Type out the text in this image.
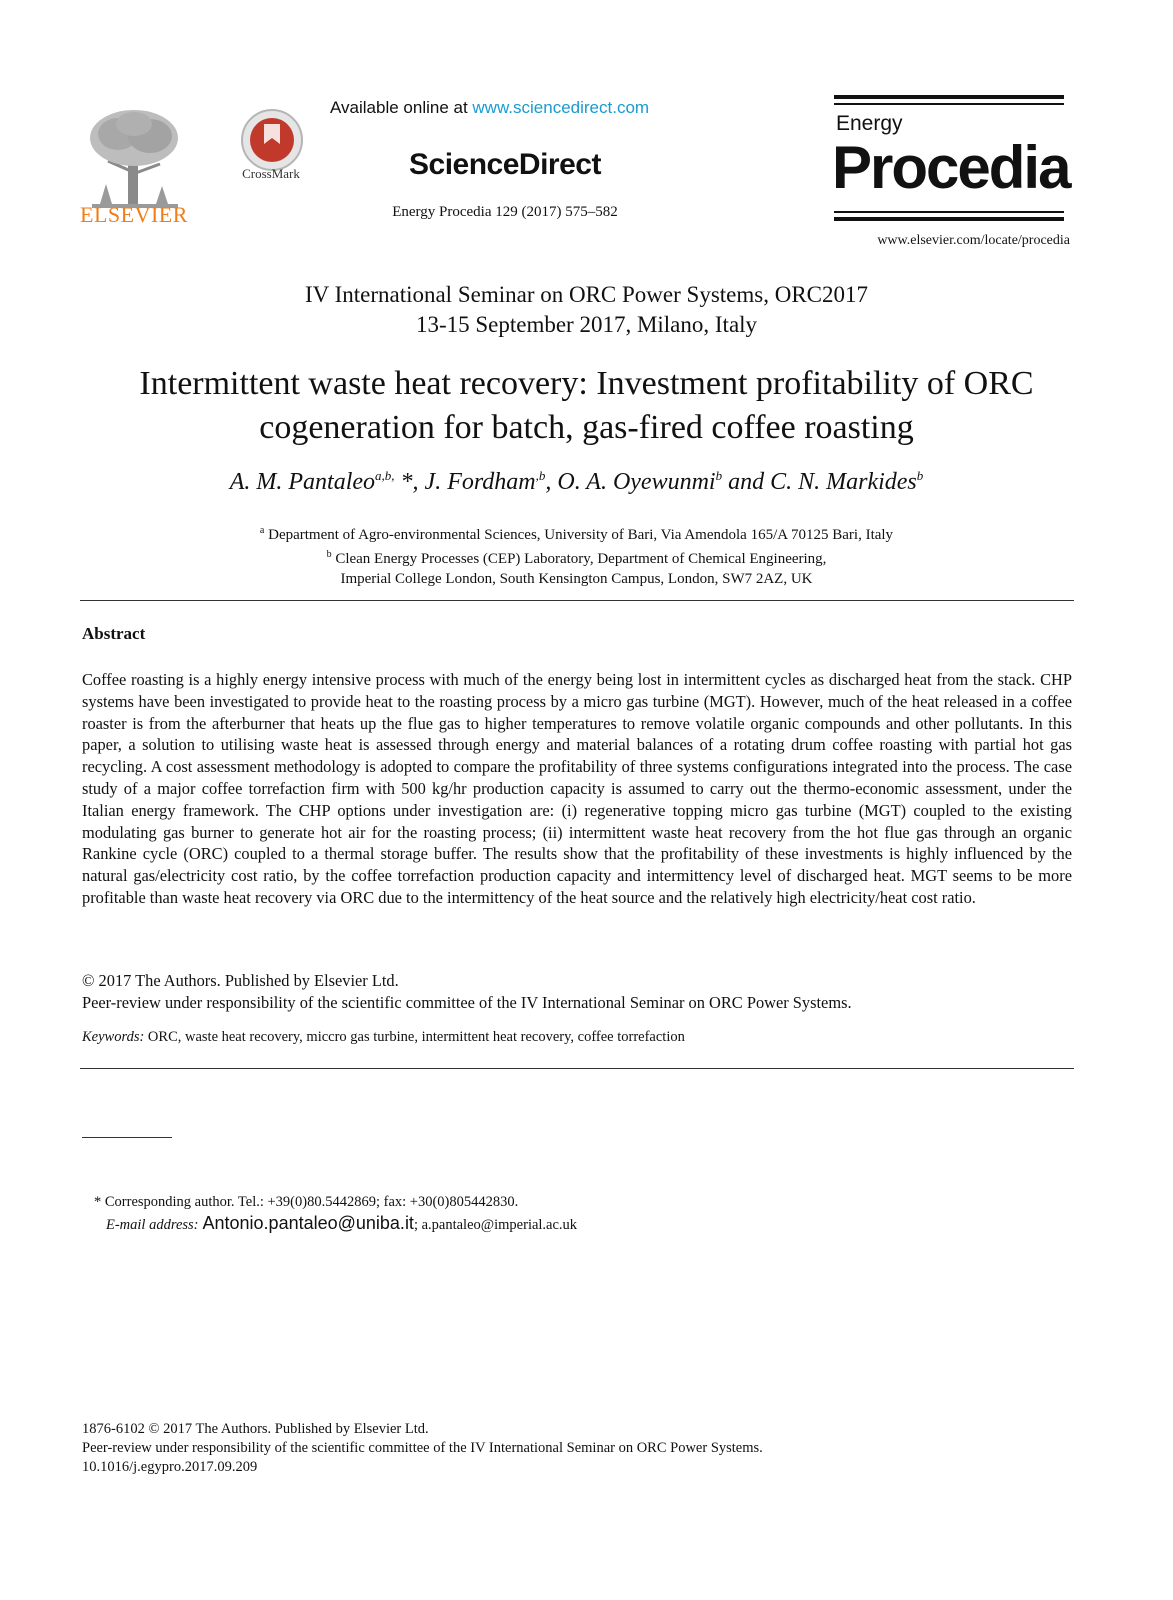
ELSEVIER
CrossMark
Available online at www.sciencedirect.com
ScienceDirect
Energy Procedia 129 (2017) 575–582
Energy
Procedia
www.elsevier.com/locate/procedia
IV International Seminar on ORC Power Systems, ORC2017
13-15 September 2017, Milano, Italy
Intermittent waste heat recovery: Investment profitability of ORC
cogeneration for batch, gas-fired coffee roasting
A. M. Pantaleo$^{a,b,}$ *, J. Fordham$^{,b}$, O. A. Oyewunmi$^b$ and C. N. Markides$^b$
$^a$ Department of Agro-environmental Sciences, University of Bari, Via Amendola 165/A 70125 Bari, Italy
$^b$ Clean Energy Processes (CEP) Laboratory, Department of Chemical Engineering,
Imperial College London, South Kensington Campus, London, SW7 2AZ, UK
Abstract
Coffee roasting is a highly energy intensive process with much of the energy being lost in intermittent cycles as discharged heat from the stack. CHP systems have been investigated to provide heat to the roasting process by a micro gas turbine (MGT). However, much of the heat released in a coffee roaster is from the afterburner that heats up the flue gas to higher temperatures to remove volatile organic compounds and other pollutants. In this paper, a solution to utilising waste heat is assessed through energy and material balances of a rotating drum coffee roasting with partial hot gas recycling. A cost assessment methodology is adopted to compare the profitability of three systems configurations integrated into the process. The case study of a major coffee torrefaction firm with 500 kg/hr production capacity is assumed to carry out the thermo-economic assessment, under the Italian energy framework. The CHP options under investigation are: (i) regenerative topping micro gas turbine (MGT) coupled to the existing modulating gas burner to generate hot air for the roasting process; (ii) intermittent waste heat recovery from the hot flue gas through an organic Rankine cycle (ORC) coupled to a thermal storage buffer. The results show that the profitability of these investments is highly influenced by the natural gas/electricity cost ratio, by the coffee torrefaction production capacity and intermittency level of discharged heat. MGT seems to be more profitable than waste heat recovery via ORC due to the intermittency of the heat source and the relatively high electricity/heat cost ratio.
© 2017 The Authors. Published by Elsevier Ltd.
Peer-review under responsibility of the scientific committee of the IV International Seminar on ORC Power Systems.
Keywords: ORC, waste heat recovery, miccro gas turbine, intermittent heat recovery, coffee torrefaction
* Corresponding author. Tel.: +39(0)80.5442869; fax: +30(0)805442830.
E-mail address: Antonio.pantaleo@uniba.it; a.pantaleo@imperial.ac.uk
1876-6102 © 2017 The Authors. Published by Elsevier Ltd.
Peer-review under responsibility of the scientific committee of the IV International Seminar on ORC Power Systems.
10.1016/j.egypro.2017.09.209
